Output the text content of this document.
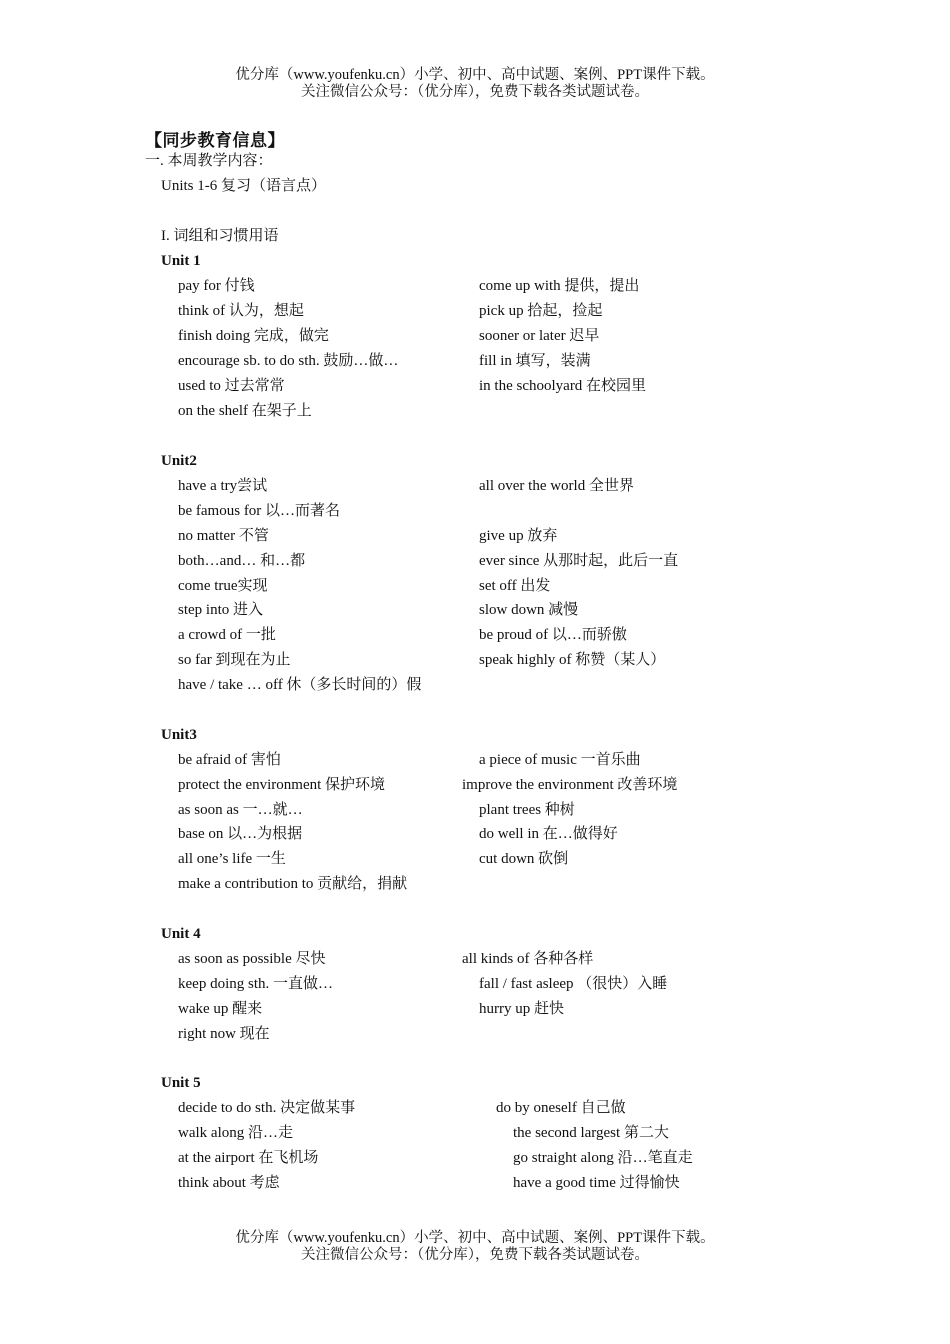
优分库（www.youfenku.cn）小学、初中、高中试题、案例、PPT课件下载。
关注微信公众号：（优分库），免费下载各类试题试卷。
【同步教育信息】
一. 本周教学内容：
Units 1-6 复习（语言点）
I. 词组和习惯用语
Unit 1
pay for 付钱	come up with 提供，提出
think of 认为，想起	pick up 拾起，捡起
finish doing 完成，做完	sooner or later 迟早
encourage sb. to do sth. 鼓励…做…	fill in 填写，装满
used to 过去常常	in the schoolyard 在校园里
on the shelf 在架子上
Unit2
have a try尝试	all over the world 全世界
be famous for 以…而著名
no matter 不管	give up 放弃
both…and… 和…都	ever since 从那时起，此后一直
come true实现	set off 出发
step into 进入	slow down 减慢
a crowd of 一批	be proud of 以…而骄傲
so far 到现在为止	speak highly of 称赞（某人）
have / take … off 休（多长时间的）假
Unit3
be afraid of 害怕	a piece of music 一首乐曲
protect the environment 保护环境	improve the environment 改善环境
as soon as 一…就…	plant trees 种树
base on 以…为根据	do well in 在…做得好
all one’s life 一生	cut down 砍倒
make a contribution to 贡献给，捐献
Unit 4
as soon as possible 尽快	all kinds of 各种各样
keep doing sth. 一直做…	fall / fast asleep （很快）入睡
wake up 醒来	hurry up 赶快
right now 现在
Unit 5
decide to do sth. 决定做某事	do by oneself 自己做
walk along 沿…走	the second largest 第二大
at the airport 在飞机场	go straight along 沿…笔直走
think about 考虑	have a good time 过得愉快
优分库（www.youfenku.cn）小学、初中、高中试题、案例、PPT课件下载。
关注微信公众号：（优分库），免费下载各类试题试卷。
